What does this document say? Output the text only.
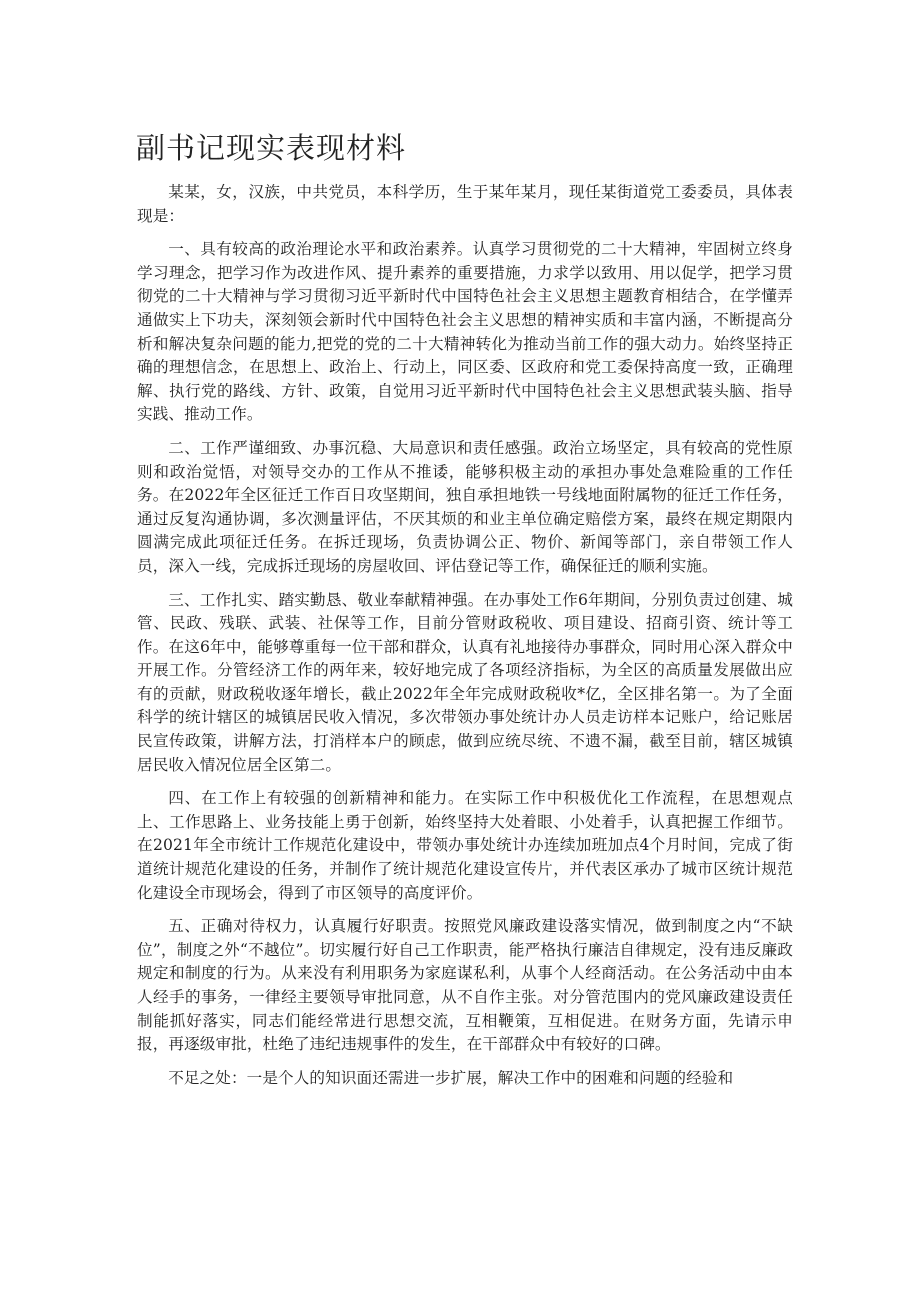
副书记现实表现材料

某某，女，汉族，中共党员，本科学历，生于某年某月，现任某街道党工委委员，具体表现是：

一、具有较高的政治理论水平和政治素养。认真学习贯彻党的二十大精神，牢固树立终身学习理念，把学习作为改进作风、提升素养的重要措施，力求学以致用、用以促学，把学习贯彻党的二十大精神与学习贯彻习近平新时代中国特色社会主义思想主题教育相结合，在学懂弄通做实上下功夫，深刻领会新时代中国特色社会主义思想的精神实质和丰富内涵，不断提高分析和解决复杂问题的能力,把党的党的二十大精神转化为推动当前工作的强大动力。始终坚持正确的理想信念，在思想上、政治上、行动上，同区委、区政府和党工委保持高度一致，正确理解、执行党的路线、方针、政策，自觉用习近平新时代中国特色社会主义思想武装头脑、指导实践、推动工作。

二、工作严谨细致、办事沉稳、大局意识和责任感强。政治立场坚定，具有较高的党性原则和政治觉悟，对领导交办的工作从不推诿，能够积极主动的承担办事处急难险重的工作任务。在2022年全区征迁工作百日攻坚期间，独自承担地铁一号线地面附属物的征迁工作任务，通过反复沟通协调，多次测量评估，不厌其烦的和业主单位确定赔偿方案，最终在规定期限内圆满完成此项征迁任务。在拆迁现场，负责协调公正、物价、新闻等部门，亲自带领工作人员，深入一线，完成拆迁现场的房屋收回、评估登记等工作，确保征迁的顺利实施。

三、工作扎实、踏实勤恳、敬业奉献精神强。在办事处工作6年期间，分别负责过创建、城管、民政、残联、武装、社保等工作，目前分管财政税收、项目建设、招商引资、统计等工作。在这6年中，能够尊重每一位干部和群众，认真有礼地接待办事群众，同时用心深入群众中开展工作。分管经济工作的两年来，较好地完成了各项经济指标，为全区的高质量发展做出应有的贡献，财政税收逐年增长，截止2022年全年完成财政税收*亿，全区排名第一。为了全面科学的统计辖区的城镇居民收入情况，多次带领办事处统计办人员走访样本记账户，给记账居民宣传政策，讲解方法，打消样本户的顾虑，做到应统尽统、不遗不漏，截至目前，辖区城镇居民收入情况位居全区第二。

四、在工作上有较强的创新精神和能力。在实际工作中积极优化工作流程，在思想观点上、工作思路上、业务技能上勇于创新，始终坚持大处着眼、小处着手，认真把握工作细节。在2021年全市统计工作规范化建设中，带领办事处统计办连续加班加点4个月时间，完成了街道统计规范化建设的任务，并制作了统计规范化建设宣传片，并代表区承办了城市区统计规范化建设全市现场会，得到了市区领导的高度评价。

五、正确对待权力，认真履行好职责。按照党风廉政建设落实情况，做到制度之内“不缺位”，制度之外“不越位”。切实履行好自己工作职责，能严格执行廉洁自律规定，没有违反廉政规定和制度的行为。从来没有利用职务为家庭谋私利，从事个人经商活动。在公务活动中由本人经手的事务，一律经主要领导审批同意，从不自作主张。对分管范围内的党风廉政建设责任制能抓好落实，同志们能经常进行思想交流，互相鞭策，互相促进。在财务方面，先请示申报，再逐级审批，杜绝了违纪违规事件的发生，在干部群众中有较好的口碑。

不足之处：一是个人的知识面还需进一步扩展，解决工作中的困难和问题的经验和
